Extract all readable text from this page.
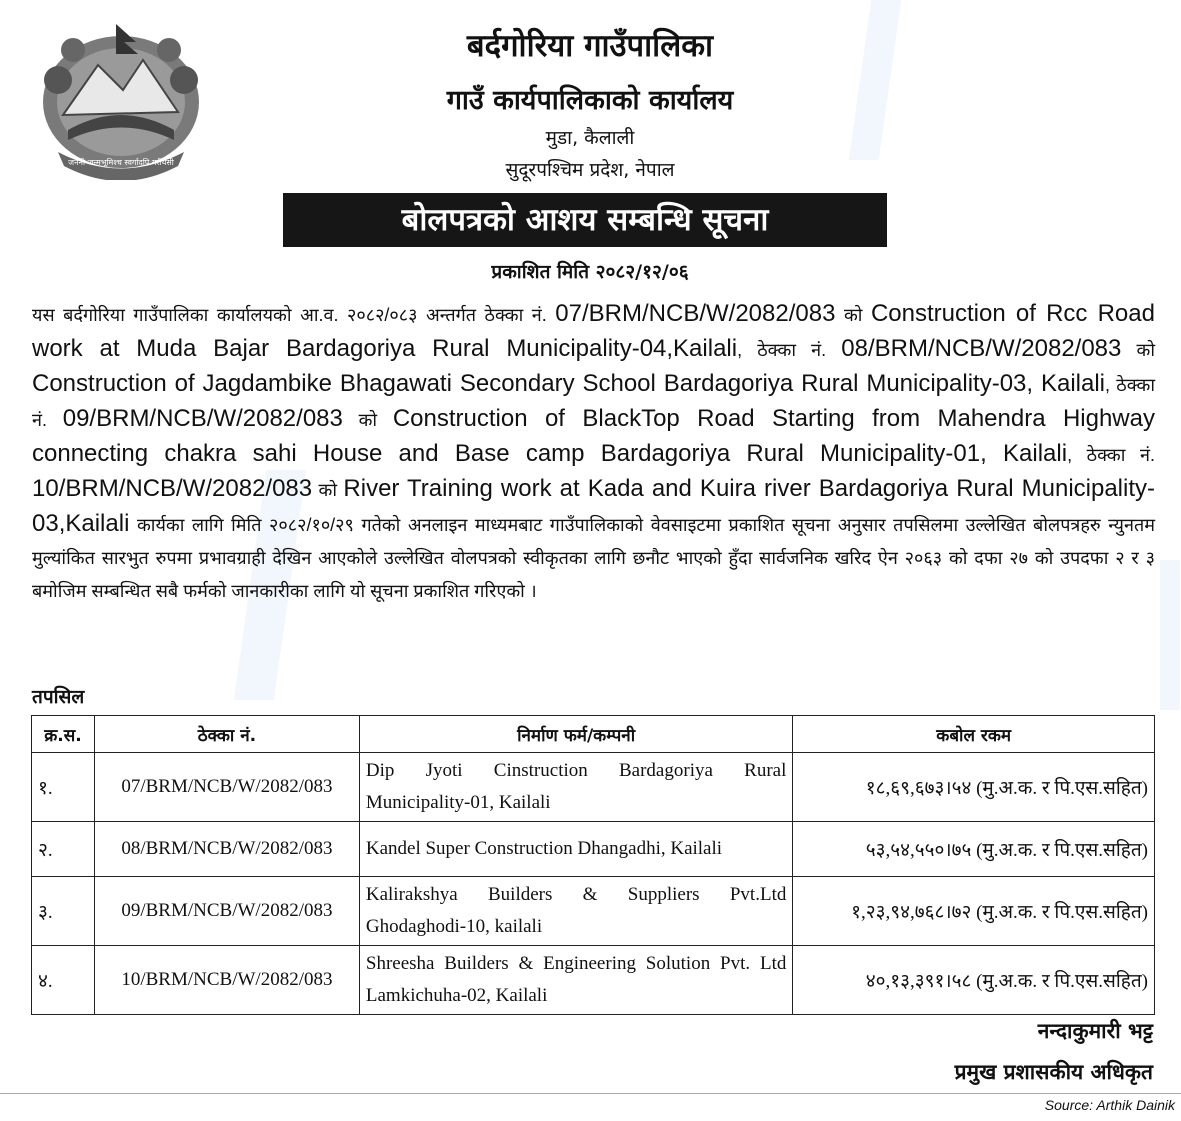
जननी जन्मभूमिश्च स्वर्गादपि गरीयसी
बर्दगोरिया गाउँपालिका
गाउँ कार्यपालिकाको कार्यालय
मुडा, कैलाली
सुदूरपश्चिम प्रदेश, नेपाल
बोलपत्रको आशय सम्बन्धि सूचना
प्रकाशित मिति २०८२/१२/०६
यस बर्दगोरिया गाउँपालिका कार्यालयको आ.व. २०८२/०८३ अन्तर्गत ठेक्का नं. 07/BRM/NCB/W/2082/083 को Construction of Rcc Road work at Muda Bajar Bardagoriya Rural Municipality-04,Kailali, ठेक्का नं. 08/BRM/NCB/W/2082/083 को Construction of Jagdambike Bhagawati Secondary School Bardagoriya Rural Municipality-03, Kailali, ठेक्का नं. 09/BRM/NCB/W/2082/083 को Construction of BlackTop Road Starting from Mahendra Highway connecting chakra sahi House and Base camp Bardagoriya Rural Municipality-01, Kailali, ठेक्का नं. 10/BRM/NCB/W/2082/083 को River Training work at Kada and Kuira river Bardagoriya Rural Municipality-03,Kailali कार्यका लागि मिति २०८२/१०/२९ गतेको अनलाइन माध्यमबाट गाउँपालिकाको वेवसाइटमा प्रकाशित सूचना अनुसार तपसिलमा उल्लेखित बोलपत्रहरु न्युनतम मुल्यांकित सारभुत रुपमा प्रभावग्राही देखिन आएकोले उल्लेखित वोलपत्रको स्वीकृतका लागि छनौट भाएको हुँदा सार्वजनिक खरिद ऐन २०६३ को दफा २७ को उपदफा २ र ३ बमोजिम सम्बन्धित सबै फर्मको जानकारीका लागि यो सूचना प्रकाशित गरिएको ।
तपसिल
क्र.स.	ठेक्का नं.	निर्माण फर्म/कम्पनी	कबोल रकम
१.	07/BRM/NCB/W/2082/083	Dip Jyoti Cinstruction Bardagoriya Rural Municipality-01, Kailali	१८,६९,६७३।५४ (मु.अ.क. र पि.एस.सहित)
२.	08/BRM/NCB/W/2082/083	Kandel Super Construction Dhangadhi, Kailali	५३,५४,५५०।७५ (मु.अ.क. र पि.एस.सहित)
३.	09/BRM/NCB/W/2082/083	Kalirakshya Builders & Suppliers Pvt.Ltd Ghodaghodi-10, kailali	१,२३,९४,७६८।७२ (मु.अ.क. र पि.एस.सहित)
४.	10/BRM/NCB/W/2082/083	Shreesha Builders & Engineering Solution Pvt. Ltd Lamkichuha-02, Kailali	४०,१३,३९१।५८ (मु.अ.क. र पि.एस.सहित)
नन्दाकुमारी भट्ट
प्रमुख प्रशासकीय अधिकृत
Source: Arthik Dainik
